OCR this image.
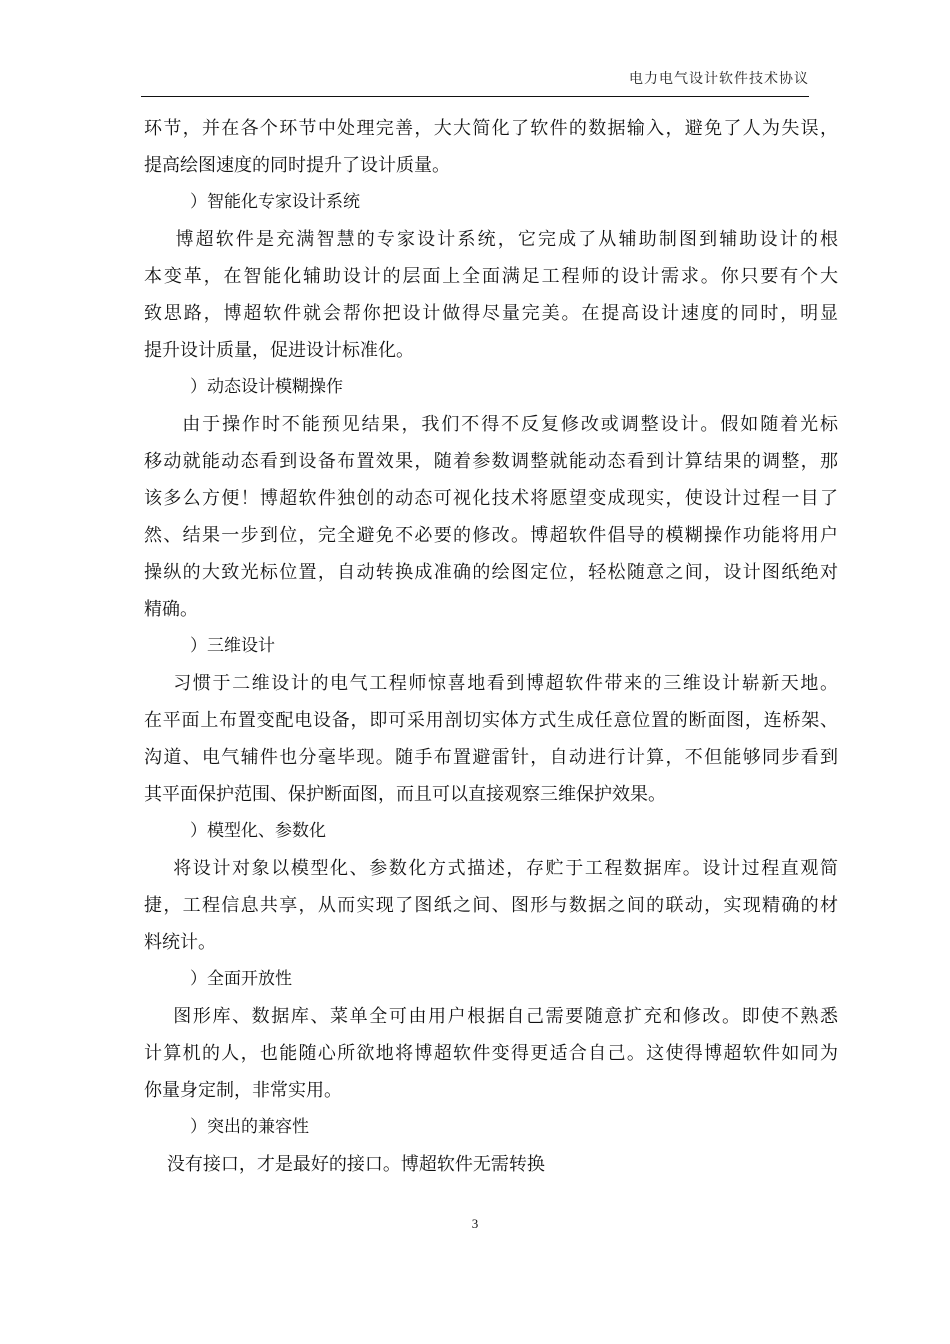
电力电气设计软件技术协议
环节，并在各个环节中处理完善，大大简化了软件的数据输入，避免了人为失误，
提高绘图速度的同时提升了设计质量。
）智能化专家设计系统
博超软件是充满智慧的专家设计系统，它完成了从辅助制图到辅助设计的根
本变革，在智能化辅助设计的层面上全面满足工程师的设计需求。你只要有个大
致思路，博超软件就会帮你把设计做得尽量完美。在提高设计速度的同时，明显
提升设计质量，促进设计标准化。
）动态设计模糊操作
由于操作时不能预见结果，我们不得不反复修改或调整设计。假如随着光标
移动就能动态看到设备布置效果，随着参数调整就能动态看到计算结果的调整，那
该多么方便！博超软件独创的动态可视化技术将愿望变成现实，使设计过程一目了
然、结果一步到位，完全避免不必要的修改。博超软件倡导的模糊操作功能将用户
操纵的大致光标位置，自动转换成准确的绘图定位，轻松随意之间，设计图纸绝对
精确。
）三维设计
习惯于二维设计的电气工程师惊喜地看到博超软件带来的三维设计崭新天地。
在平面上布置变配电设备，即可采用剖切实体方式生成任意位置的断面图，连桥架、
沟道、电气辅件也分毫毕现。随手布置避雷针，自动进行计算，不但能够同步看到
其平面保护范围、保护断面图，而且可以直接观察三维保护效果。
）模型化、参数化
将设计对象以模型化、参数化方式描述，存贮于工程数据库。设计过程直观简
捷，工程信息共享，从而实现了图纸之间、图形与数据之间的联动，实现精确的材
料统计。
）全面开放性
图形库、数据库、菜单全可由用户根据自己需要随意扩充和修改。即使不熟悉
计算机的人，也能随心所欲地将博超软件变得更适合自己。这使得博超软件如同为
你量身定制，非常实用。
）突出的兼容性
没有接口，才是最好的接口。博超软件无需转换
3
